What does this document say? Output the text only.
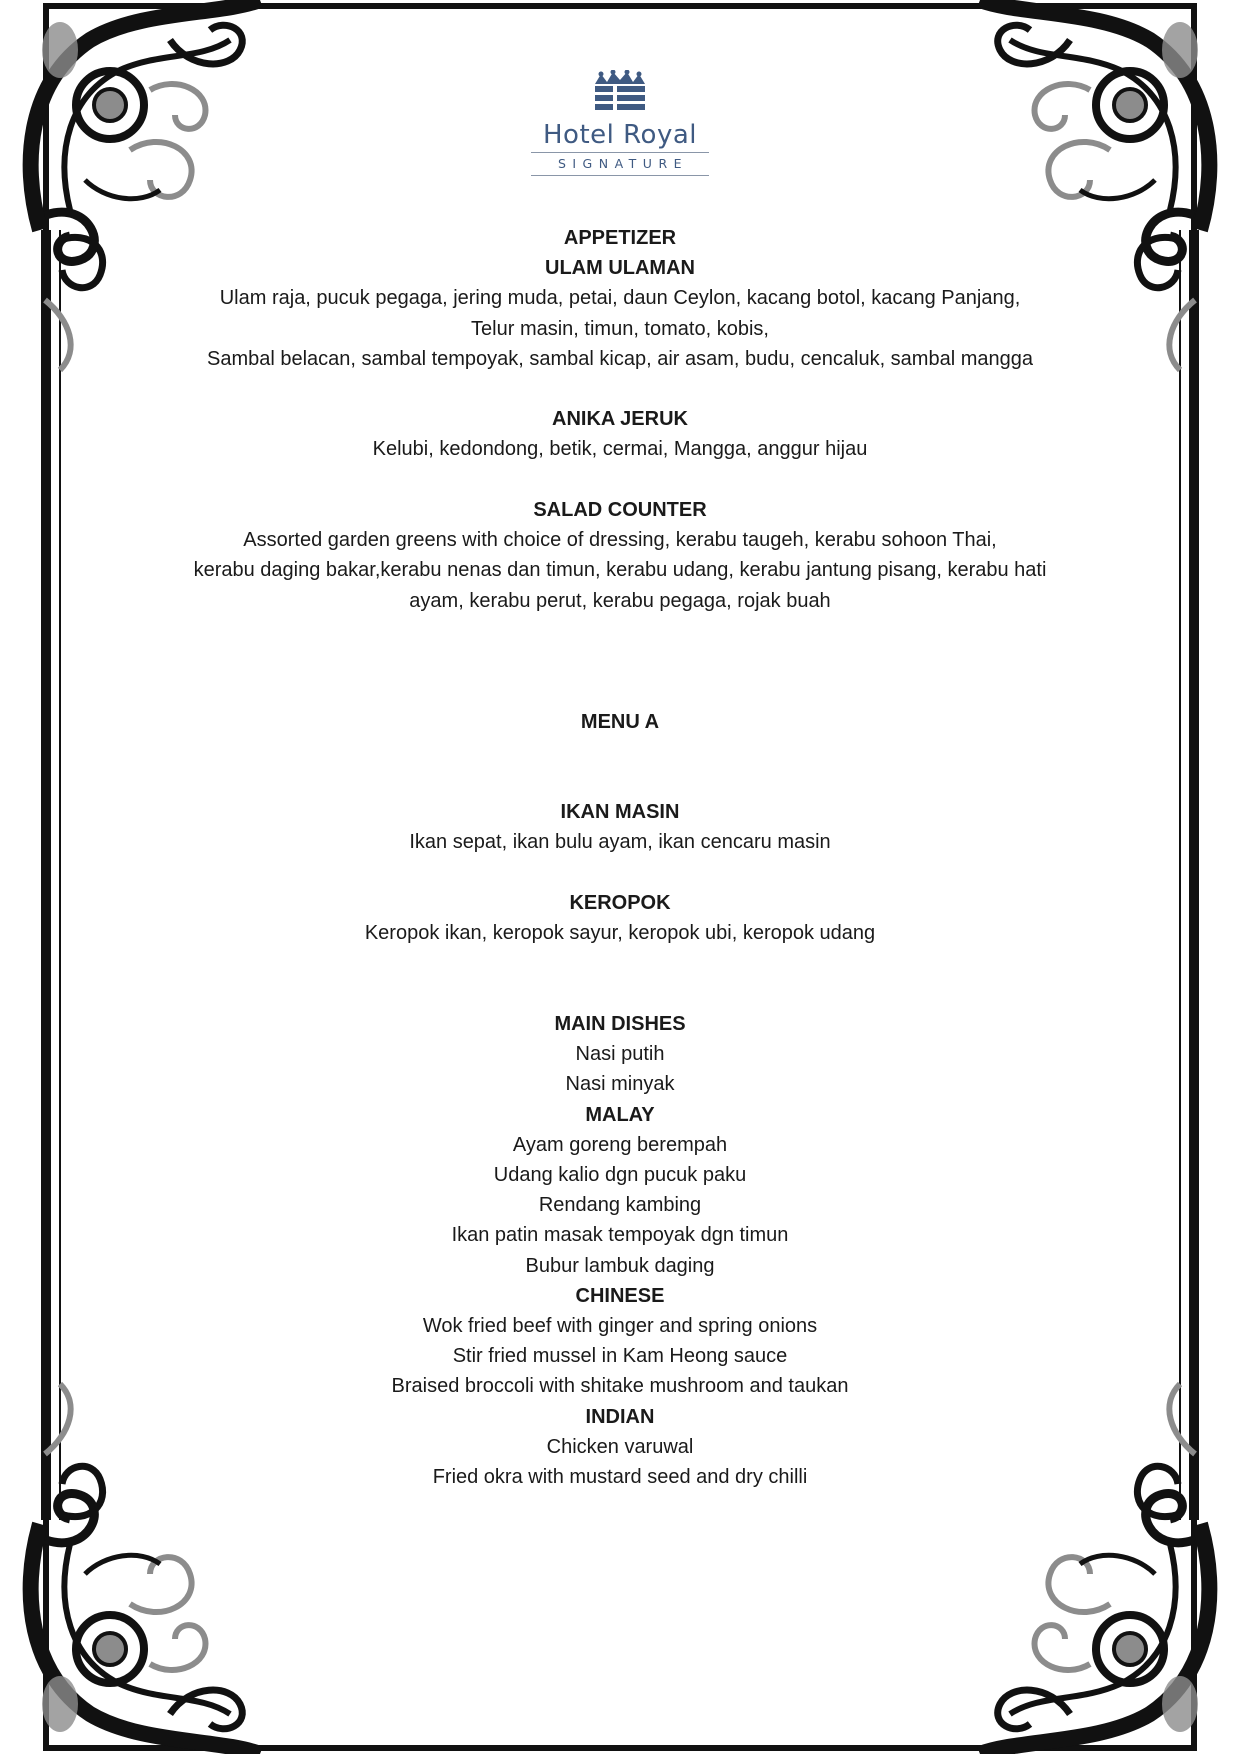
Hotel Royal
SIGNATURE
APPETIZER
ULAM ULAMAN
Ulam raja, pucuk pegaga, jering muda, petai, daun Ceylon, kacang botol, kacang Panjang,
Telur masin, timun, tomato, kobis,
Sambal belacan, sambal tempoyak, sambal kicap, air asam, budu, cencaluk, sambal mangga
ANIKA JERUK
Kelubi, kedondong, betik, cermai, Mangga, anggur hijau
SALAD COUNTER
Assorted garden greens with choice of dressing, kerabu taugeh, kerabu sohoon Thai,
kerabu daging bakar,kerabu nenas dan timun, kerabu udang, kerabu jantung pisang, kerabu hati
ayam, kerabu perut, kerabu pegaga, rojak buah
MENU A
IKAN MASIN
Ikan sepat, ikan bulu ayam, ikan cencaru masin
KEROPOK
Keropok ikan, keropok sayur, keropok ubi, keropok udang
MAIN DISHES
Nasi putih
Nasi minyak
MALAY
Ayam goreng berempah
Udang kalio dgn pucuk paku
Rendang kambing
Ikan patin masak tempoyak dgn timun
Bubur lambuk daging
CHINESE
Wok fried beef with ginger and spring onions
Stir fried mussel in Kam Heong sauce
Braised broccoli with shitake mushroom and taukan
INDIAN
Chicken varuwal
Fried okra with mustard seed and dry chilli
